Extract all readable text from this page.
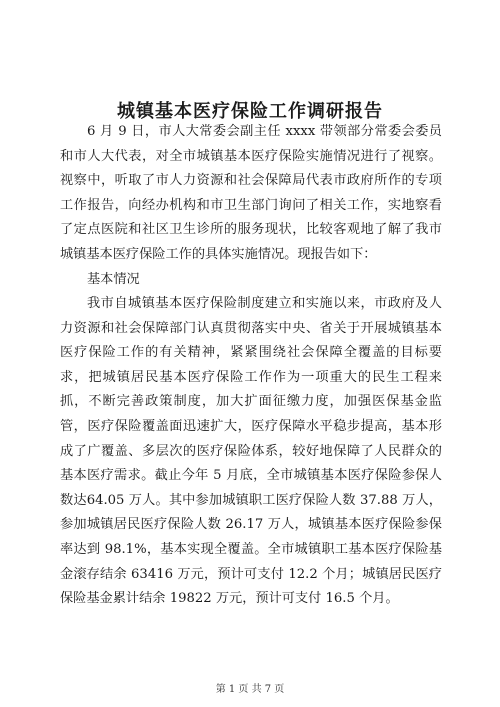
城镇基本医疗保险工作调研报告

6 月 9 日，市人大常委会副主任 xxxx 带领部分常委会委员和市人大代表，对全市城镇基本医疗保险实施情况进行了视察。视察中，听取了市人力资源和社会保障局代表市政府所作的专项工作报告，向经办机构和市卫生部门询问了相关工作，实地察看了定点医院和社区卫生诊所的服务现状，比较客观地了解了我市城镇基本医疗保险工作的具体实施情况。现报告如下：

基本情况

我市自城镇基本医疗保险制度建立和实施以来，市政府及人力资源和社会保障部门认真贯彻落实中央、省关于开展城镇基本医疗保险工作的有关精神，紧紧围绕社会保障全覆盖的目标要求，把城镇居民基本医疗保险工作作为一项重大的民生工程来抓，不断完善政策制度，加大扩面征缴力度，加强医保基金监管，医疗保险覆盖面迅速扩大，医疗保障水平稳步提高，基本形成了广覆盖、多层次的医疗保险体系，较好地保障了人民群众的基本医疗需求。截止今年 5 月底，全市城镇基本医疗保险参保人数达64.05 万人。其中参加城镇职工医疗保险人数 37.88 万人，参加城镇居民医疗保险人数 26.17 万人，城镇基本医疗保险参保率达到 98.1%，基本实现全覆盖。全市城镇职工基本医疗保险基金滚存结余 63416 万元，预计可支付 12.2 个月；城镇居民医疗保险基金累计结余 19822 万元，预计可支付 16.5 个月。

第 1 页 共 7 页
